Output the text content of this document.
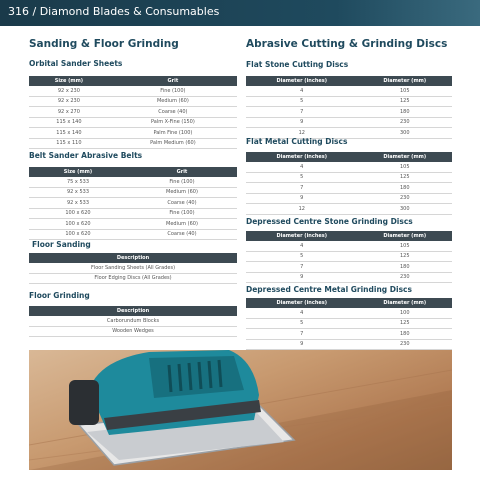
316 / Diamond Blades & Consumables
Sanding & Floor Grinding
Orbital Sander Sheets
Size (mm)	Grit
92 x 230	Fine (100)
92 x 230	Medium (60)
92 x 270	Coarse (40)
115 x 140	Palm X-Fine (150)
115 x 140	Palm Fine (100)
115 x 110	Palm Medium (60)
Belt Sander Abrasive Belts
Size (mm)	Grit
75 x 533	Fine (100)
92 x 533	Medium (60)
92 x 533	Coarse (40)
100 x 620	Fine (100)
100 x 620	Medium (60)
100 x 620	Coarse (40)
Floor Sanding
Description
Floor Sanding Sheets (All Grades)
Floor Edging Discs (All Grades)
Floor Grinding
Description
Carborundum Blocks
Wooden Wedges
Abrasive Cutting & Grinding Discs
Flat Stone Cutting Discs
Diameter (inches)	Diameter (mm)
4	105
5	125
7	180
9	230
12	300
Flat Metal Cutting Discs
Diameter (inches)	Diameter (mm)
4	105
5	125
7	180
9	230
12	300
Depressed Centre Stone Grinding Discs
Diameter (inches)	Diameter (mm)
4	105
5	125
7	180
9	230
Depressed Centre Metal Grinding Discs
Diameter (inches)	Diameter (mm)
4	100
5	125
7	180
9	230
